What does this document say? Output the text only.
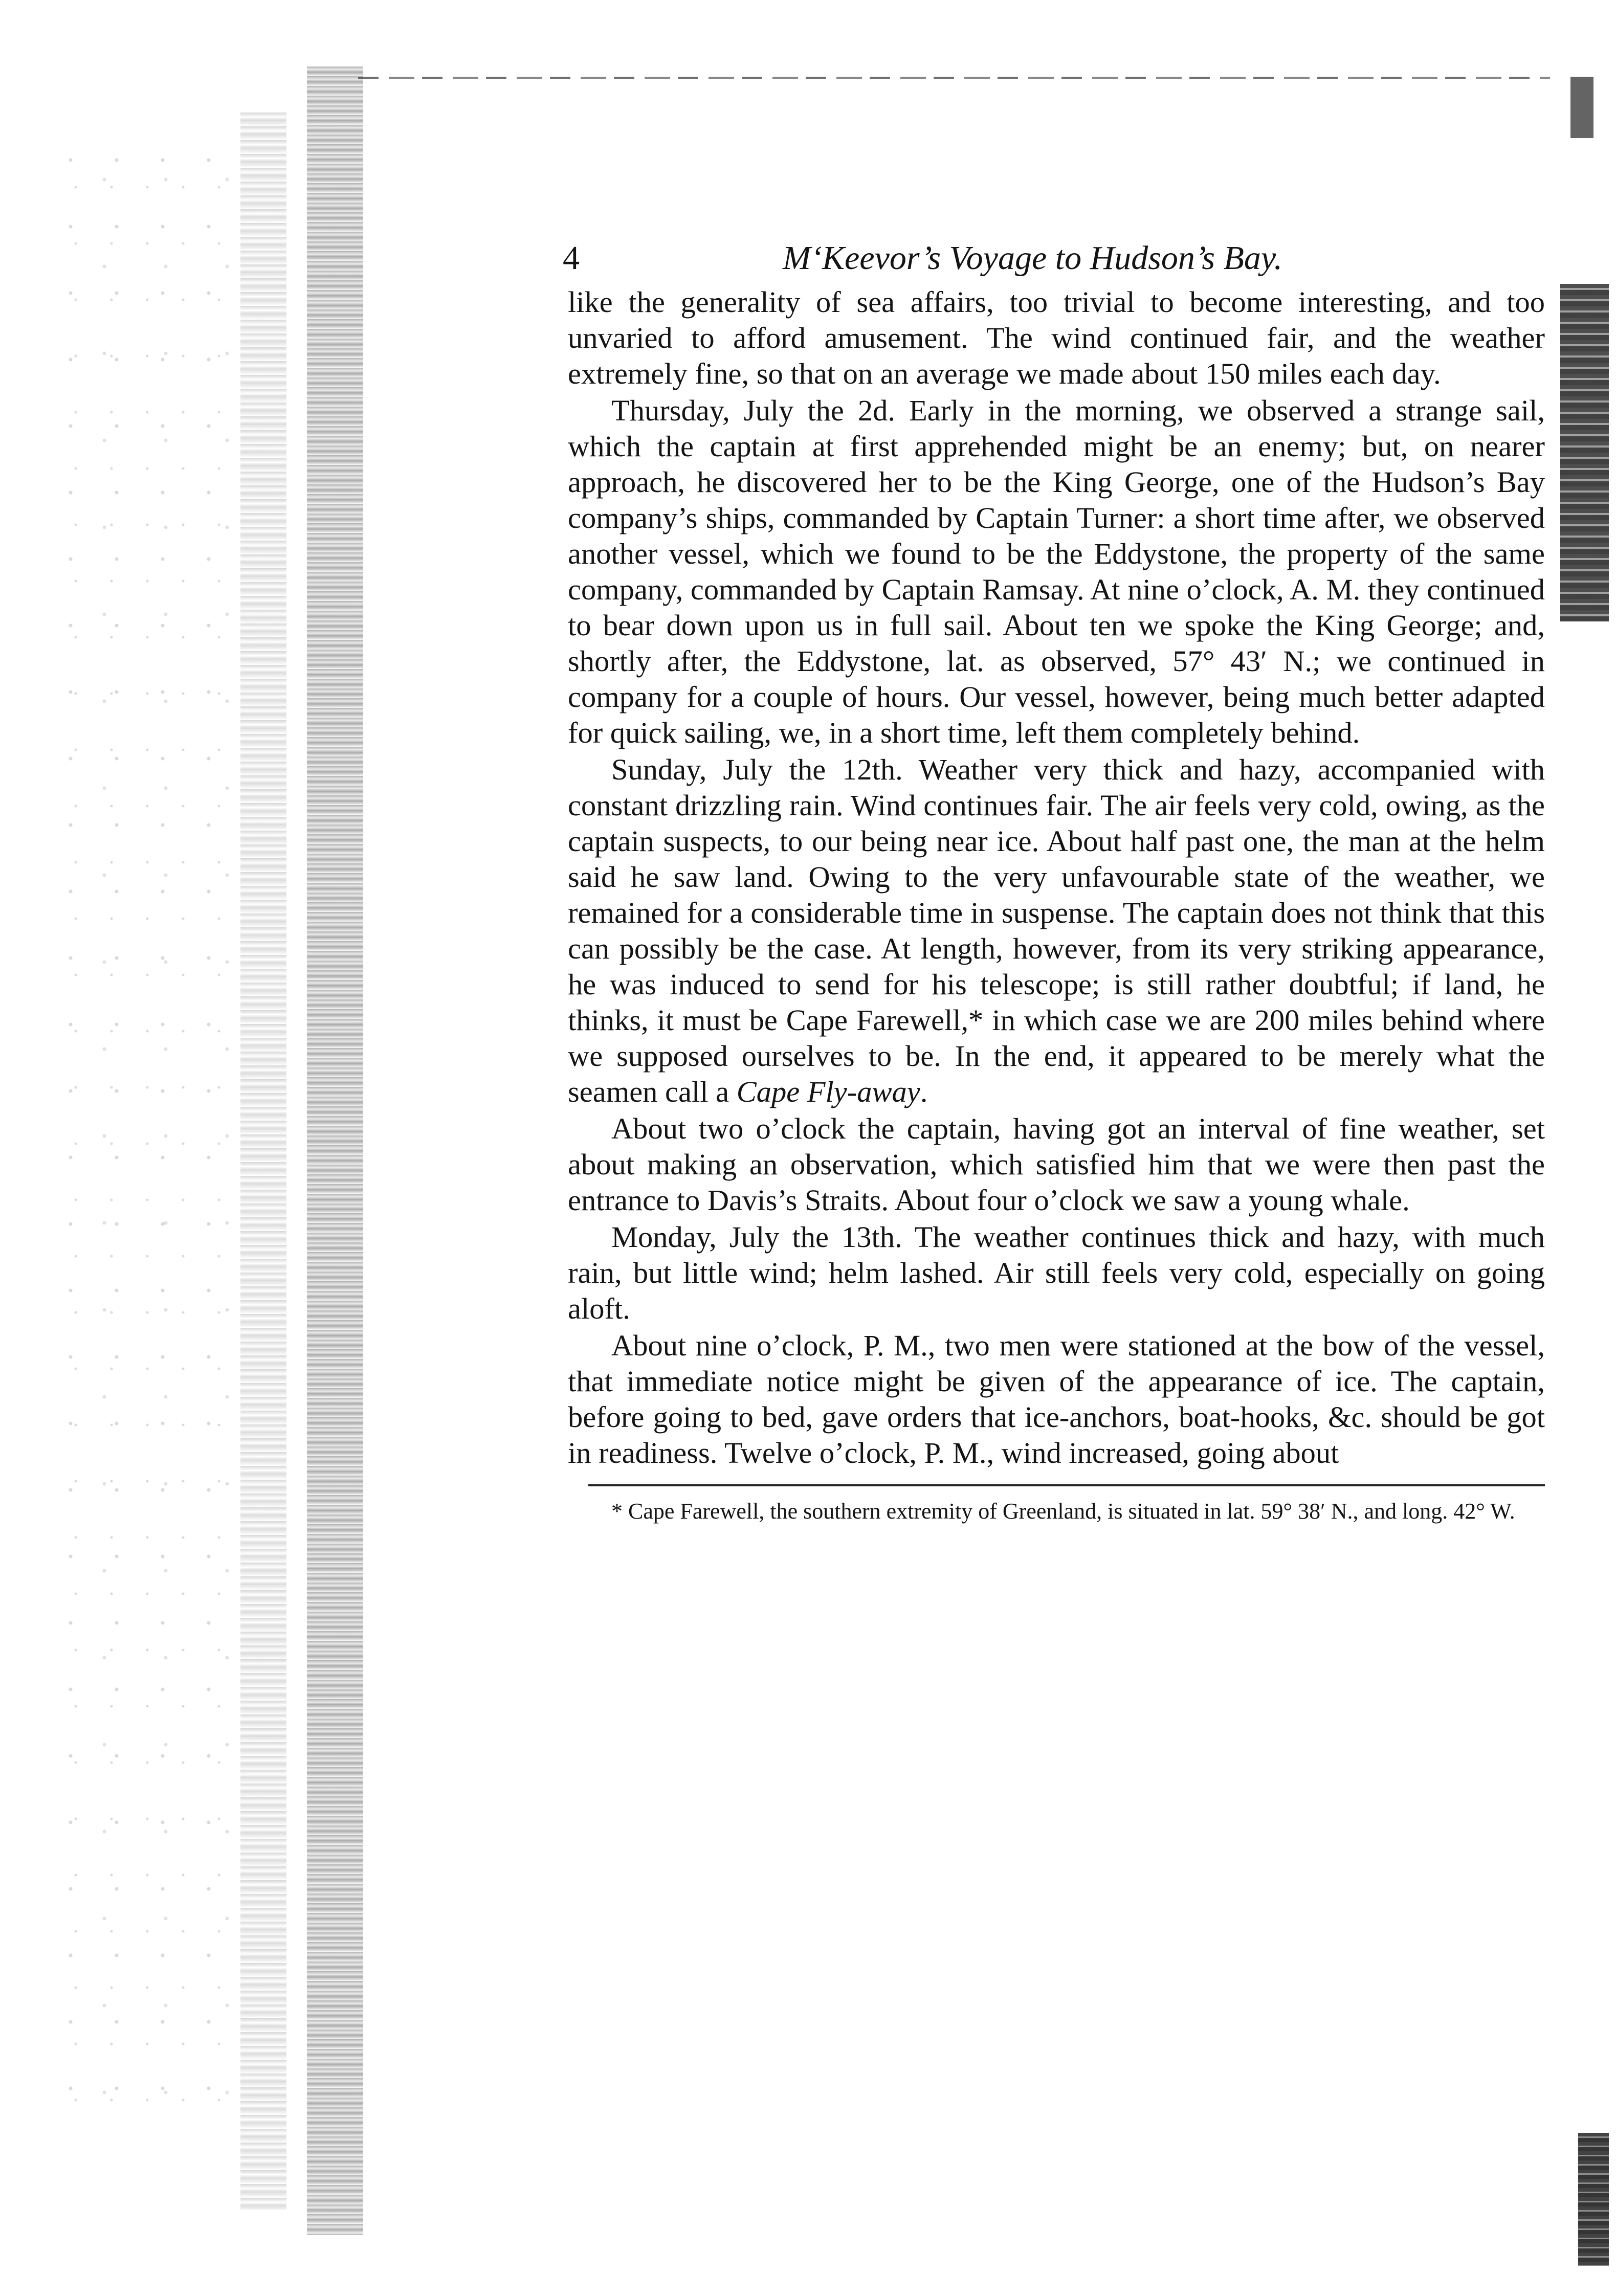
4	M‘Keevor’s Voyage to Hudson’s Bay.

like the generality of sea affairs, too trivial to become interesting, and too unvaried to afford amusement. The wind continued fair, and the weather extremely fine, so that on an average we made about 150 miles each day.

Thursday, July the 2d. Early in the morning, we observed a strange sail, which the captain at first apprehended might be an enemy; but, on nearer approach, he discovered her to be the King George, one of the Hudson’s Bay company’s ships, commanded by Captain Turner: a short time after, we observed another vessel, which we found to be the Eddystone, the property of the same company, commanded by Captain Ramsay. At nine o’clock, A. M. they continued to bear down upon us in full sail. About ten we spoke the King George; and, shortly after, the Eddystone, lat. as observed, 57° 43′ N.; we continued in company for a couple of hours. Our vessel, however, being much better adapted for quick sailing, we, in a short time, left them completely behind.

Sunday, July the 12th. Weather very thick and hazy, accompanied with constant drizzling rain. Wind continues fair. The air feels very cold, owing, as the captain suspects, to our being near ice. About half past one, the man at the helm said he saw land. Owing to the very unfavourable state of the weather, we remained for a considerable time in suspense. The captain does not think that this can possibly be the case. At length, however, from its very striking appearance, he was induced to send for his telescope; is still rather doubtful; if land, he thinks, it must be Cape Farewell,* in which case we are 200 miles behind where we supposed ourselves to be. In the end, it appeared to be merely what the seamen call a Cape Fly-away.

About two o’clock the captain, having got an interval of fine weather, set about making an observation, which satisfied him that we were then past the entrance to Davis’s Straits. About four o’clock we saw a young whale.

Monday, July the 13th. The weather continues thick and hazy, with much rain, but little wind; helm lashed. Air still feels very cold, especially on going aloft.

About nine o’clock, P. M., two men were stationed at the bow of the vessel, that immediate notice might be given of the appearance of ice. The captain, before going to bed, gave orders that ice-anchors, boat-hooks, &c. should be got in readiness. Twelve o’clock, P. M., wind increased, going about

* Cape Farewell, the southern extremity of Greenland, is situated in lat. 59° 38′ N., and long. 42° W.
